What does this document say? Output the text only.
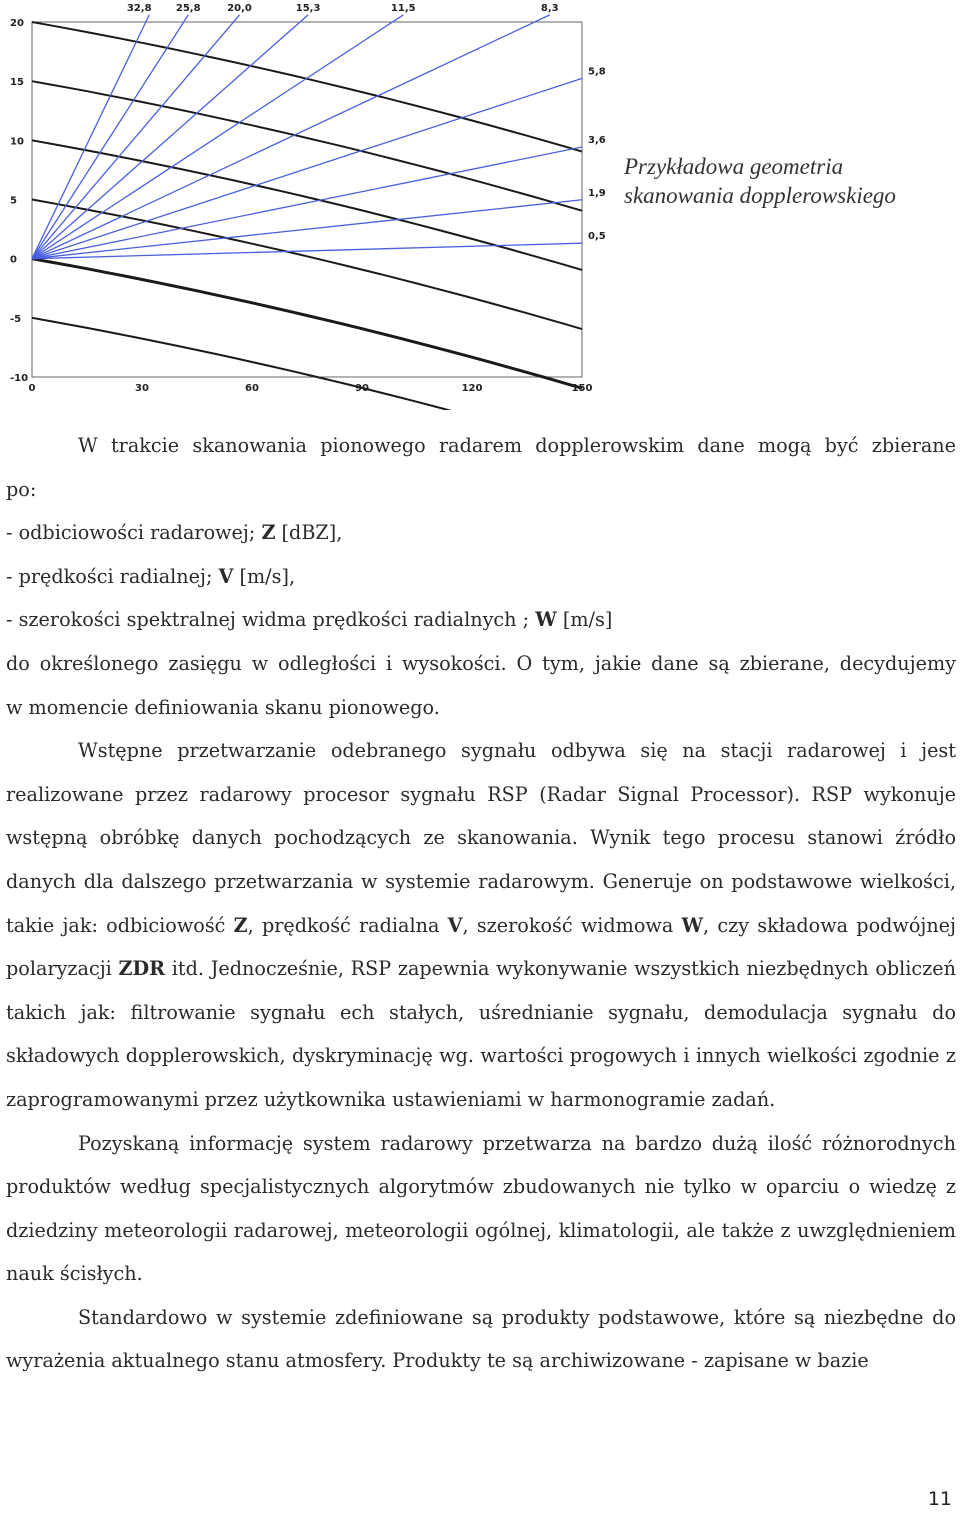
32,8 25,8	20,0	15,3	11,5	8,3
5,8
3,6
1,9
0,5
20
15
10
5
0
-5
-10
0	30	60	90	120	150
Przykładowa geometria
skanowania dopplerowskiego
W trakcie skanowania pionowego radarem dopplerowskim dane mogą być zbierane
po:
- odbiciowości radarowej; Z [dBZ],
- prędkości radialnej; V [m/s],
- szerokości spektralnej widma prędkości radialnych ; W [m/s]
do określonego zasięgu w odległości i wysokości. O tym, jakie dane są zbierane, decydujemy
w momencie definiowania skanu pionowego.

Wstępne przetwarzanie odebranego sygnału odbywa się na stacji radarowej i jest realizowane przez radarowy procesor sygnału RSP (Radar Signal Processor). RSP wykonuje wstępną obróbkę danych pochodzących ze skanowania. Wynik tego procesu stanowi źródło danych dla dalszego przetwarzania w systemie radarowym. Generuje on podstawowe wielkości, takie jak: odbiciowość Z, prędkość radialna V, szerokość widmowa W, czy składowa podwójnej polaryzacji ZDR itd. Jednocześnie, RSP zapewnia wykonywanie wszystkich niezbędnych obliczeń takich jak: filtrowanie sygnału ech stałych, uśrednianie sygnału, demodulacja sygnału do składowych dopplerowskich, dyskryminację wg. wartości progowych i innych wielkości zgodnie z zaprogramowanymi przez użytkownika ustawieniami w harmonogramie zadań.

Pozyskaną informację system radarowy przetwarza na bardzo dużą ilość różnorodnych produktów według specjalistycznych algorytmów zbudowanych nie tylko w oparciu o wiedzę z dziedziny meteorologii radarowej, meteorologii ogólnej, klimatologii, ale także z uwzględnieniem nauk ścisłych.

Standardowo w systemie zdefiniowane są produkty podstawowe, które są niezbędne do wyrażenia aktualnego stanu atmosfery. Produkty te są archiwizowane - zapisane w bazie

11
